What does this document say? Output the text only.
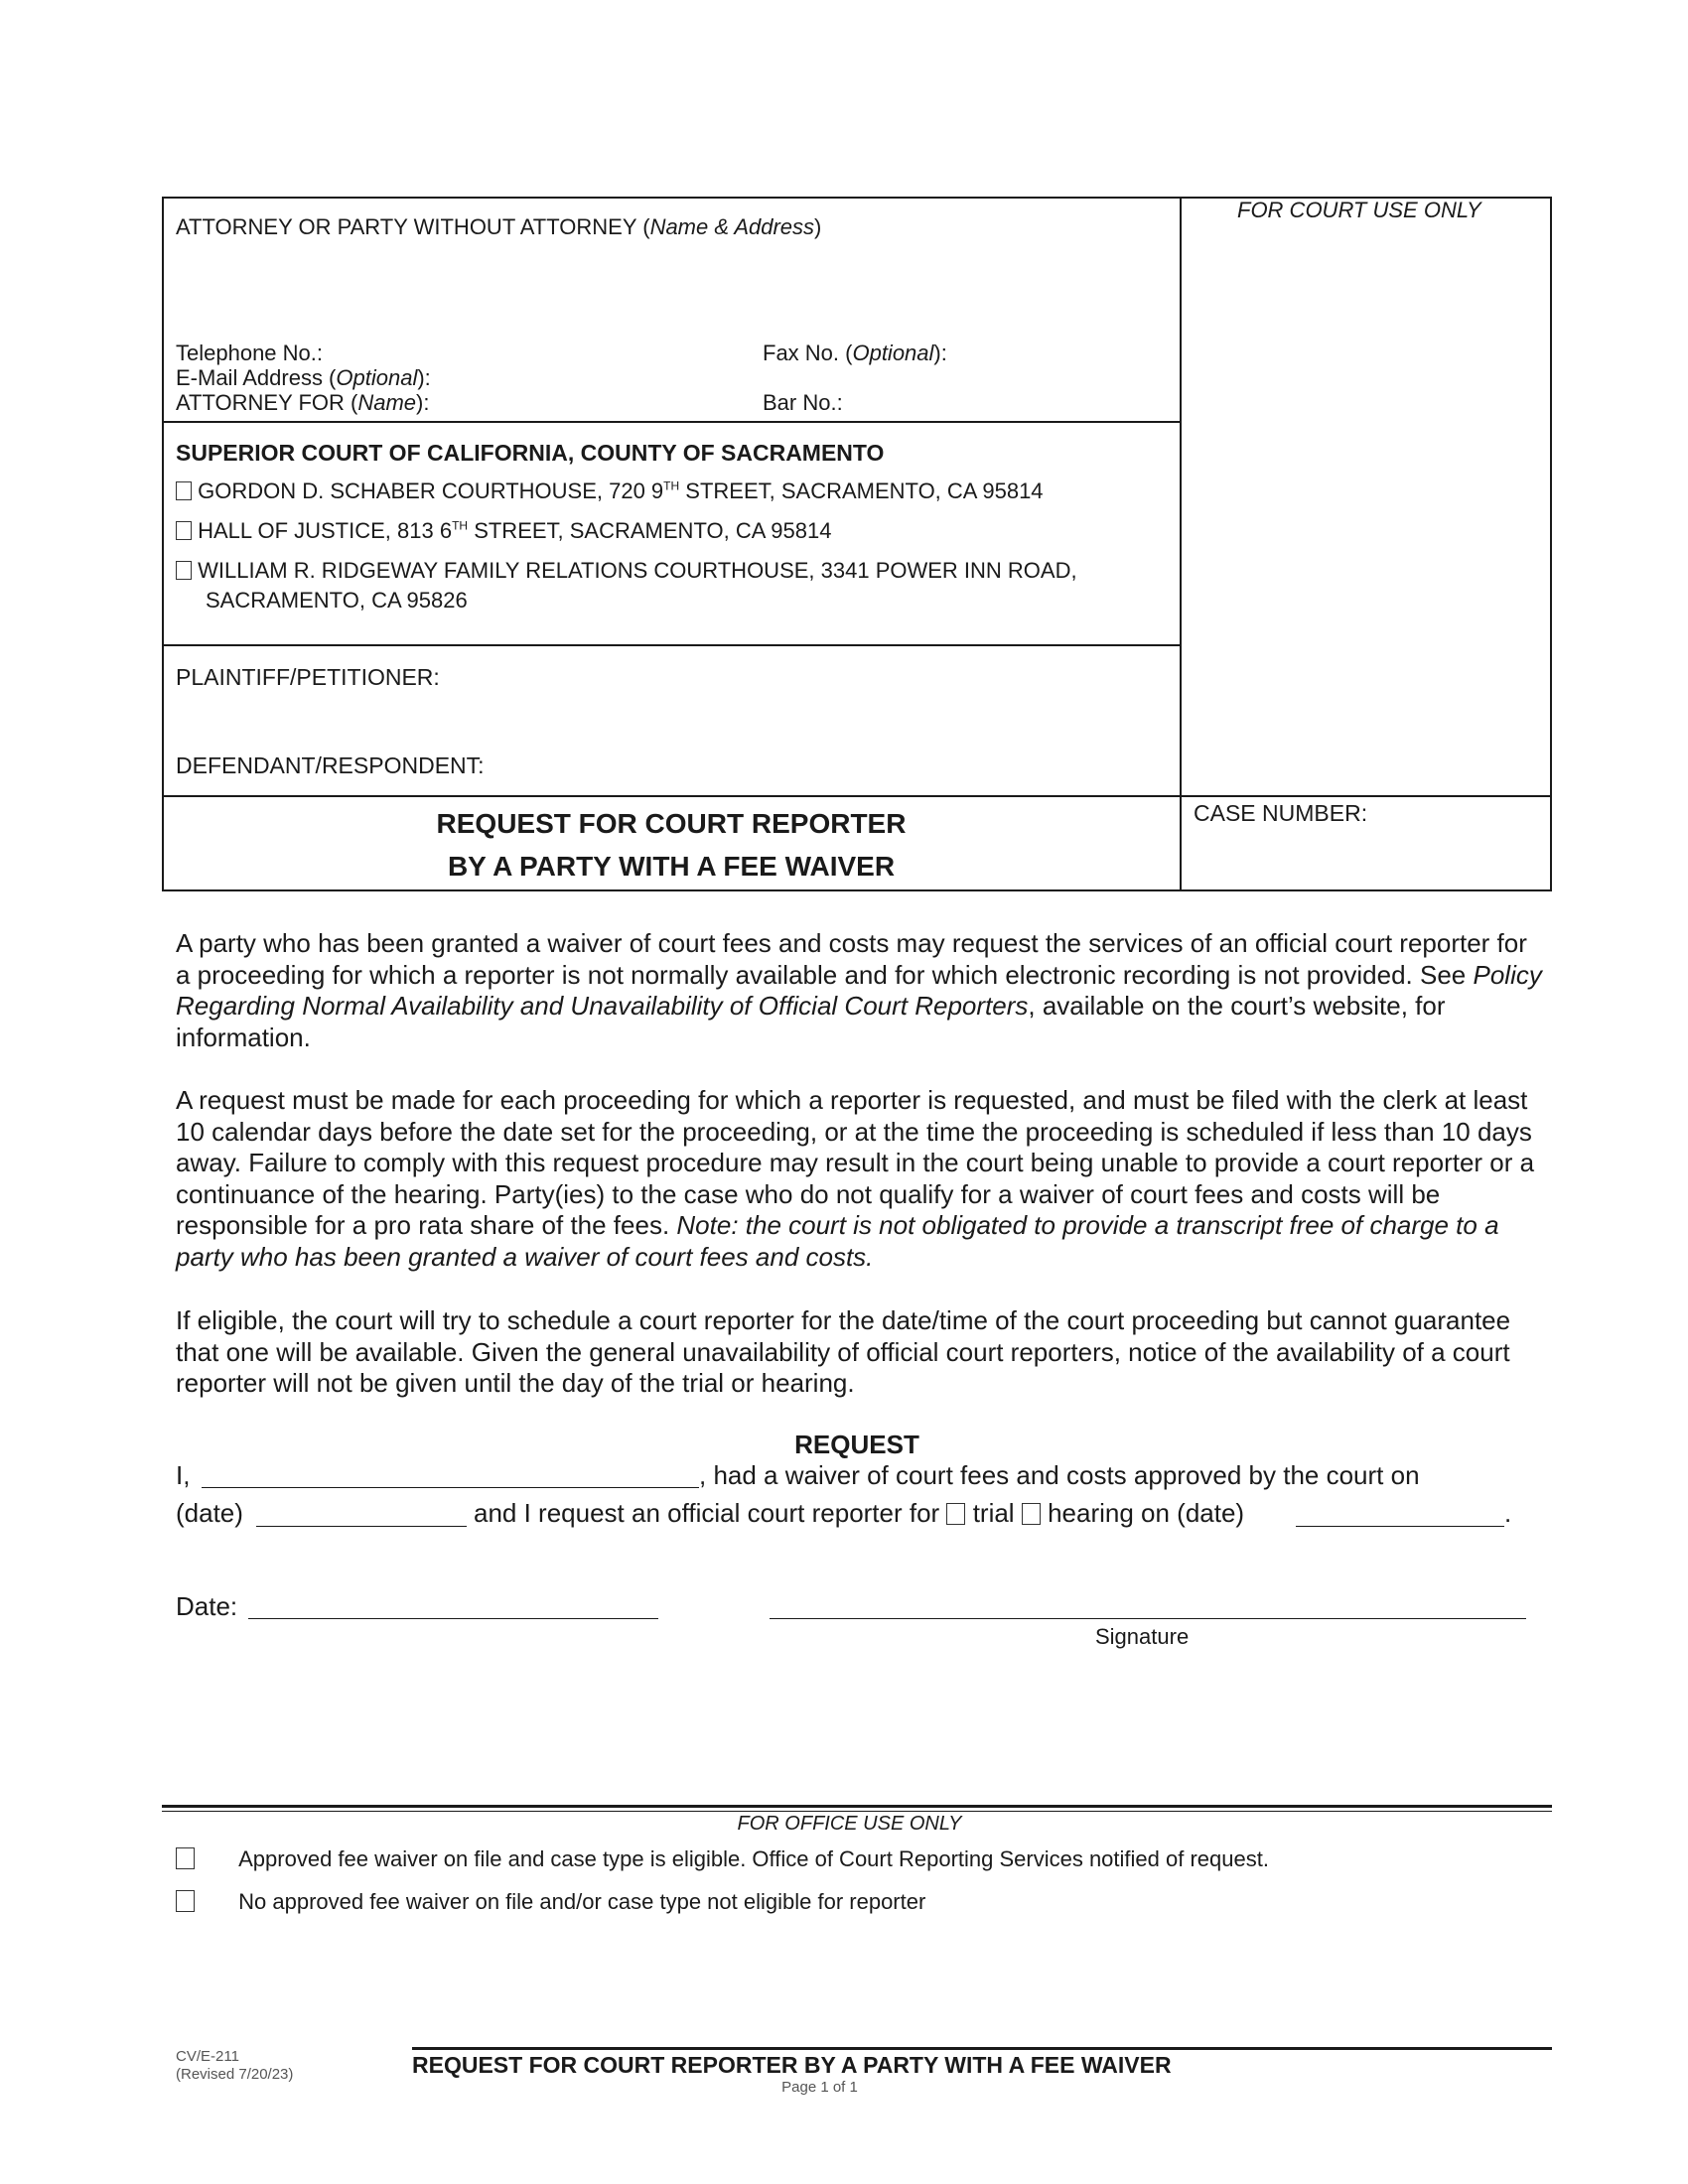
ATTORNEY OR PARTY WITHOUT ATTORNEY (Name & Address)
FOR COURT USE ONLY
Telephone No.:	Fax No. (Optional):
E-Mail Address (Optional):
ATTORNEY FOR (Name):	Bar No.:
SUPERIOR COURT OF CALIFORNIA, COUNTY OF SACRAMENTO
GORDON D. SCHABER COURTHOUSE, 720 9TH STREET, SACRAMENTO, CA 95814
HALL OF JUSTICE, 813 6TH STREET, SACRAMENTO, CA 95814
WILLIAM R. RIDGEWAY FAMILY RELATIONS COURTHOUSE, 3341 POWER INN ROAD,
SACRAMENTO, CA 95826
PLAINTIFF/PETITIONER:
DEFENDANT/RESPONDENT:
REQUEST FOR COURT REPORTER
BY A PARTY WITH A FEE WAIVER
CASE NUMBER:
A party who has been granted a waiver of court fees and costs may request the services of an official court reporter for a proceeding for which a reporter is not normally available and for which electronic recording is not provided. See Policy Regarding Normal Availability and Unavailability of Official Court Reporters, available on the court’s website, for information.
A request must be made for each proceeding for which a reporter is requested, and must be filed with the clerk at least 10 calendar days before the date set for the proceeding, or at the time the proceeding is scheduled if less than 10 days away. Failure to comply with this request procedure may result in the court being unable to provide a court reporter or a continuance of the hearing. Party(ies) to the case who do not qualify for a waiver of court fees and costs will be responsible for a pro rata share of the fees. Note: the court is not obligated to provide a transcript free of charge to a party who has been granted a waiver of court fees and costs.
If eligible, the court will try to schedule a court reporter for the date/time of the court proceeding but cannot guarantee that one will be available. Given the general unavailability of official court reporters, notice of the availability of a court reporter will not be given until the day of the trial or hearing.
REQUEST
I,	, had a waiver of court fees and costs approved by the court on
(date)	and I request an official court reporter for trial hearing on (date)	.
Date:
Signature
FOR OFFICE USE ONLY
Approved fee waiver on file and case type is eligible. Office of Court Reporting Services notified of request.
No approved fee waiver on file and/or case type not eligible for reporter
CV/E-211
(Revised 7/20/23)	REQUEST FOR COURT REPORTER BY A PARTY WITH A FEE WAIVER
Page 1 of 1
